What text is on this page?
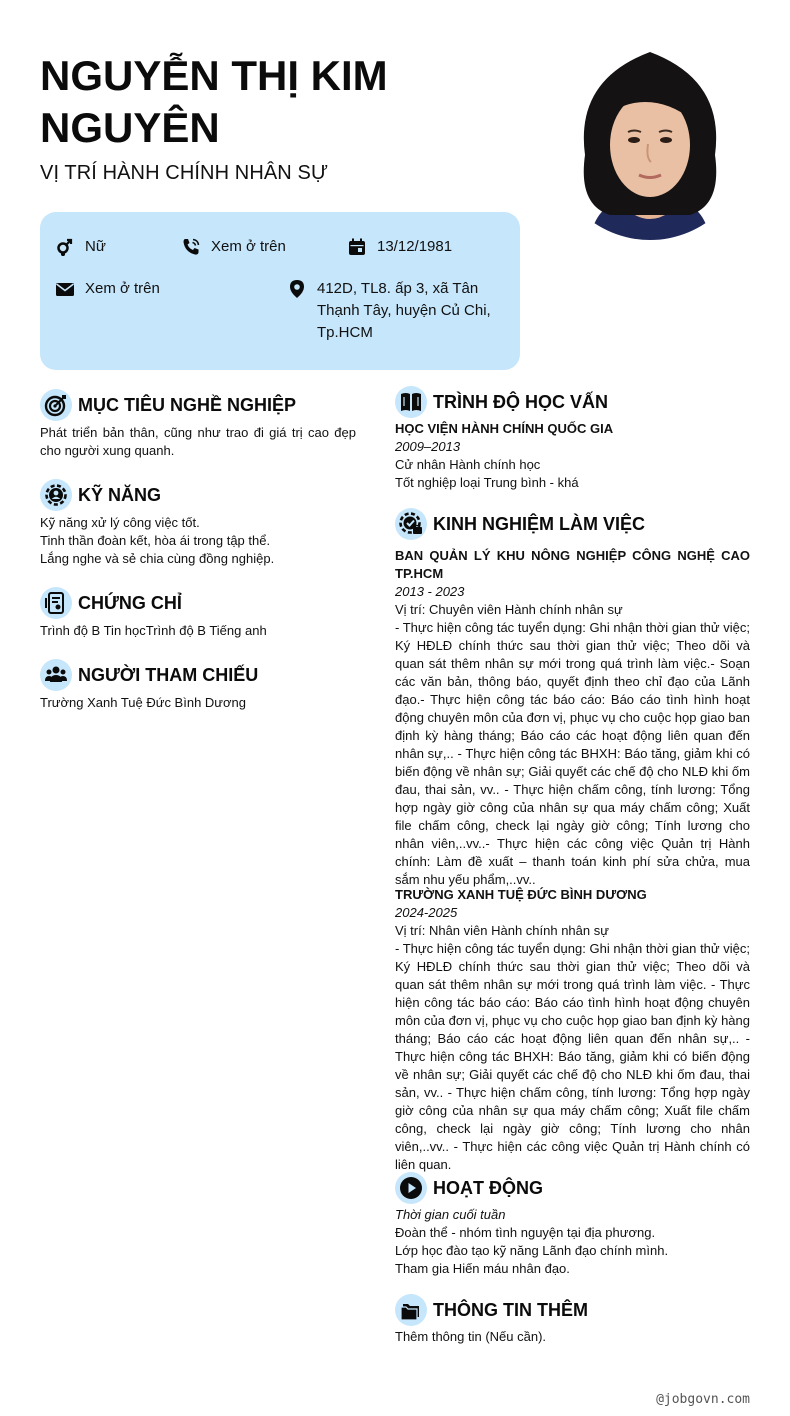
NGUYỄN THỊ KIM NGUYÊN
VỊ TRÍ HÀNH CHÍNH NHÂN SỰ
Nữ	Xem ở trên	13/12/1981
Xem ở trên	412D, TL8. ấp 3, xã Tân Thạnh Tây, huyện Củ Chi, Tp.HCM
MỤC TIÊU NGHỀ NGHIỆP
Phát triển bản thân, cũng như trao đi giá trị cao đẹp cho người xung quanh.
KỸ NĂNG

Kỹ năng xử lý công việc tốt.

Tinh thần đoàn kết, hòa ái trong tập thể.

Lắng nghe và sẻ chia cùng đồng nghiệp.

CHỨNG CHỈ
Trình độ B Tin họcTrình độ B Tiếng anh
NGƯỜI THAM CHIẾU
Trường Xanh Tuệ Đức Bình Dương
TRÌNH ĐỘ HỌC VẤN

HỌC VIỆN HÀNH CHÍNH QUỐC GIA

2009–2013

Cử nhân Hành chính học

Tốt nghiệp loại Trung bình - khá

KINH NGHIỆM LÀM VIỆC

BAN QUẢN LÝ KHU NÔNG NGHIỆP CÔNG NGHỆ CAO TP.HCM

2013 - 2023

Vị trí: Chuyên viên Hành chính nhân sự

- Thực hiện công tác tuyển dụng: Ghi nhận thời gian thử việc; Ký HĐLĐ chính thức sau thời gian thử việc; Theo dõi và quan sát thêm nhân sự mới trong quá trình làm việc.- Soạn các văn bản, thông báo, quyết định theo chỉ đạo của Lãnh đạo.- Thực hiện công tác báo cáo: Báo cáo tình hình hoạt động chuyên môn của đơn vị, phục vụ cho cuộc họp giao ban định kỳ hàng tháng; Báo cáo các hoạt động liên quan đến nhân sự,.. - Thực hiện công tác BHXH: Báo tăng, giảm khi có biến động về nhân sự; Giải quyết các chế độ cho NLĐ khi ốm đau, thai sản, vv.. - Thực hiện chấm công, tính lương: Tổng hợp ngày giờ công của nhân sự qua máy chấm công; Xuất file chấm công, check lại ngày giờ công; Tính lương cho nhân viên,..vv..- Thực hiện các công việc Quản trị Hành chính: Làm đề xuất – thanh toán kinh phí sửa chửa, mua sắm nhu yếu phẩm,..vv..

TRƯỜNG XANH TUỆ ĐỨC BÌNH DƯƠNG

2024-2025

Vị trí: Nhân viên Hành chính nhân sự

- Thực hiện công tác tuyển dụng: Ghi nhận thời gian thử việc; Ký HĐLĐ chính thức sau thời gian thử việc; Theo dõi và quan sát thêm nhân sự mới trong quá trình làm việc. - Thực hiện công tác báo cáo: Báo cáo tình hình hoạt động chuyên môn của đơn vị, phục vụ cho cuộc họp giao ban định kỳ hàng tháng; Báo cáo các hoạt động liên quan đến nhân sự,.. - Thực hiện công tác BHXH: Báo tăng, giảm khi có biến động về nhân sự; Giải quyết các chế độ cho NLĐ khi ốm đau, thai sản, vv.. - Thực hiện chấm công, tính lương: Tổng hợp ngày giờ công của nhân sự qua máy chấm công; Xuất file chấm công, check lại ngày giờ công; Tính lương cho nhân viên,..vv.. - Thực hiện các công việc Quản trị Hành chính có liên quan.

HOẠT ĐỘNG

Thời gian cuối tuần

Đoàn thể - nhóm tình nguyện tại địa phương.

Lớp học đào tạo kỹ năng Lãnh đạo chính mình.

Tham gia Hiến máu nhân đạo.

THÔNG TIN THÊM
Thêm thông tin (Nếu cần).
@jobgovn.com
